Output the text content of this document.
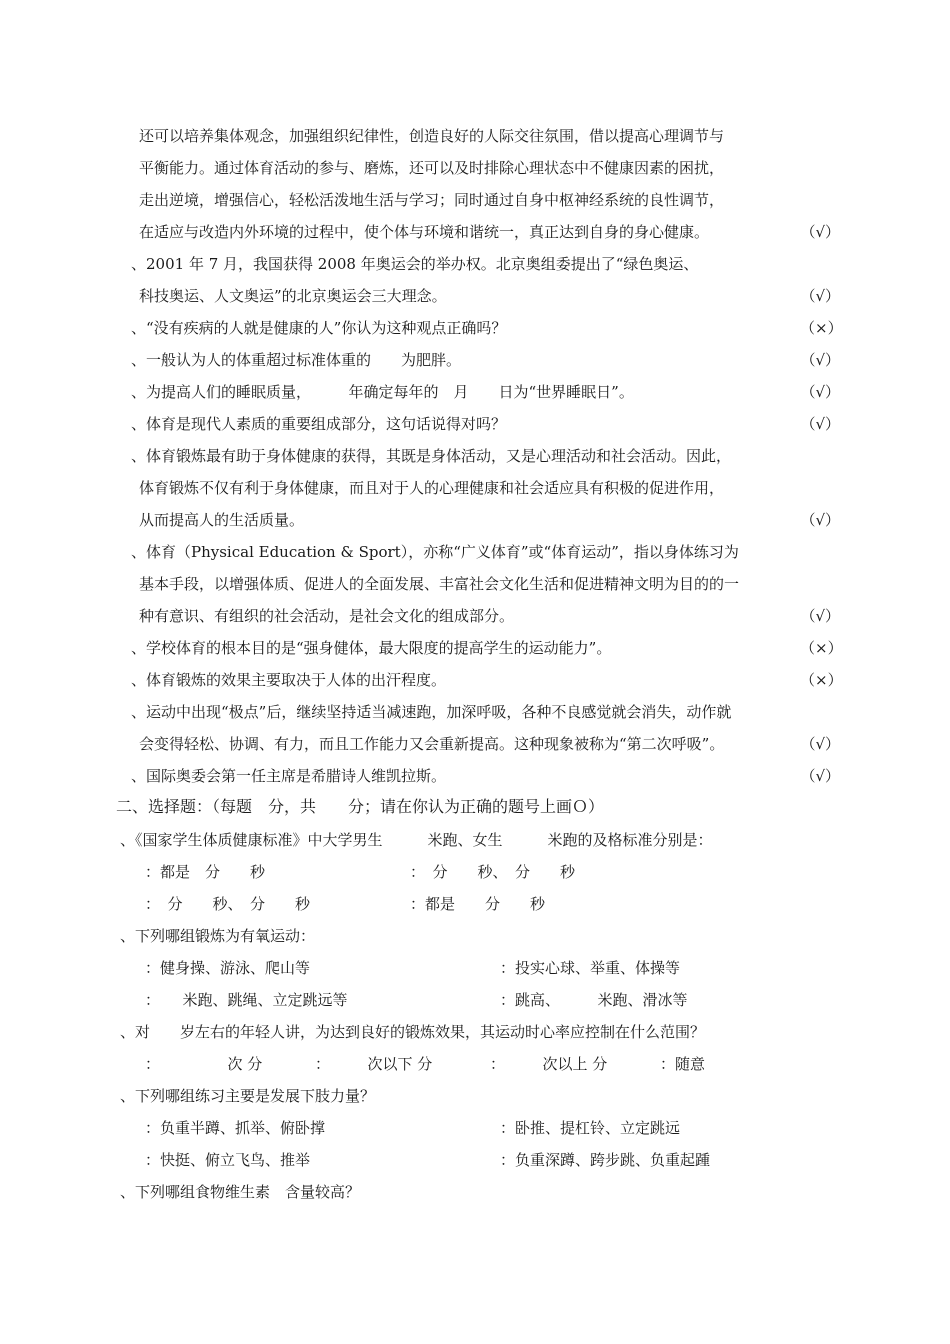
还可以培养集体观念，加强组织纪律性，创造良好的人际交往氛围，借以提高心理调节与
平衡能力。通过体育活动的参与、磨炼，还可以及时排除心理状态中不健康因素的困扰，
走出逆境，增强信心，轻松活泼地生活与学习；同时通过自身中枢神经系统的良性调节，
在适应与改造内外环境的过程中，使个体与环境和谐统一，真正达到自身的身心健康。	（√）
、2001 年 7 月，我国获得 2008 年奥运会的举办权。北京奥组委提出了“绿色奥运、
科技奥运、人文奥运”的北京奥运会三大理念。	（√）
、“没有疾病的人就是健康的人”你认为这种观点正确吗？	（×）
、一般认为人的体重超过标准体重的　　为肥胖。	（√）
、为提高人们的睡眠质量，　　　年确定每年的　月　　日为“世界睡眠日”。	（√）
、体育是现代人素质的重要组成部分，这句话说得对吗？	（√）
、体育锻炼最有助于身体健康的获得，其既是身体活动，又是心理活动和社会活动。因此，
体育锻炼不仅有利于身体健康，而且对于人的心理健康和社会适应具有积极的促进作用，
从而提高人的生活质量。	（√）
、体育（Physical Education & Sport），亦称“广义体育”或“体育运动”，指以身体练习为
基本手段，以增强体质、促进人的全面发展、丰富社会文化生活和促进精神文明为目的的一
种有意识、有组织的社会活动，是社会文化的组成部分。	（√）
、学校体育的根本目的是“强身健体，最大限度的提高学生的运动能力”。	（×）
、体育锻炼的效果主要取决于人体的出汗程度。	（×）
、运动中出现“极点”后，继续坚持适当减速跑，加深呼吸，各种不良感觉就会消失，动作就
会变得轻松、协调、有力，而且工作能力又会重新提高。这种现象被称为“第二次呼吸”。	（√）
、国际奥委会第一任主席是希腊诗人维凯拉斯。	（√）
二、选择题：（每题　分，共　　分；请在你认为正确的题号上画Ｏ）
、《国家学生体质健康标准》中大学男生　　　米跑、女生　　　米跑的及格标准分别是：
：都是　分　　秒	：　分　　秒、　分　　秒
：　分　　秒、　分　　秒	：都是　　分　　秒
、下列哪组锻炼为有氧运动：
：健身操、游泳、爬山等	：投实心球、举重、体操等
：　　米跑、跳绳、立定跳远等	：跳高、　　　米跑、滑冰等
、对　　岁左右的年轻人讲，为达到良好的锻炼效果，其运动时心率应控制在什么范围？
：　　　　　次 分	：　　　次以下 分	：　　　次以上 分	：随意
、下列哪组练习主要是发展下肢力量？
：负重半蹲、抓举、俯卧撑	：卧推、提杠铃、立定跳远
：快挺、俯立飞鸟、推举	：负重深蹲、跨步跳、负重起踵
、下列哪组食物维生素　含量较高？
